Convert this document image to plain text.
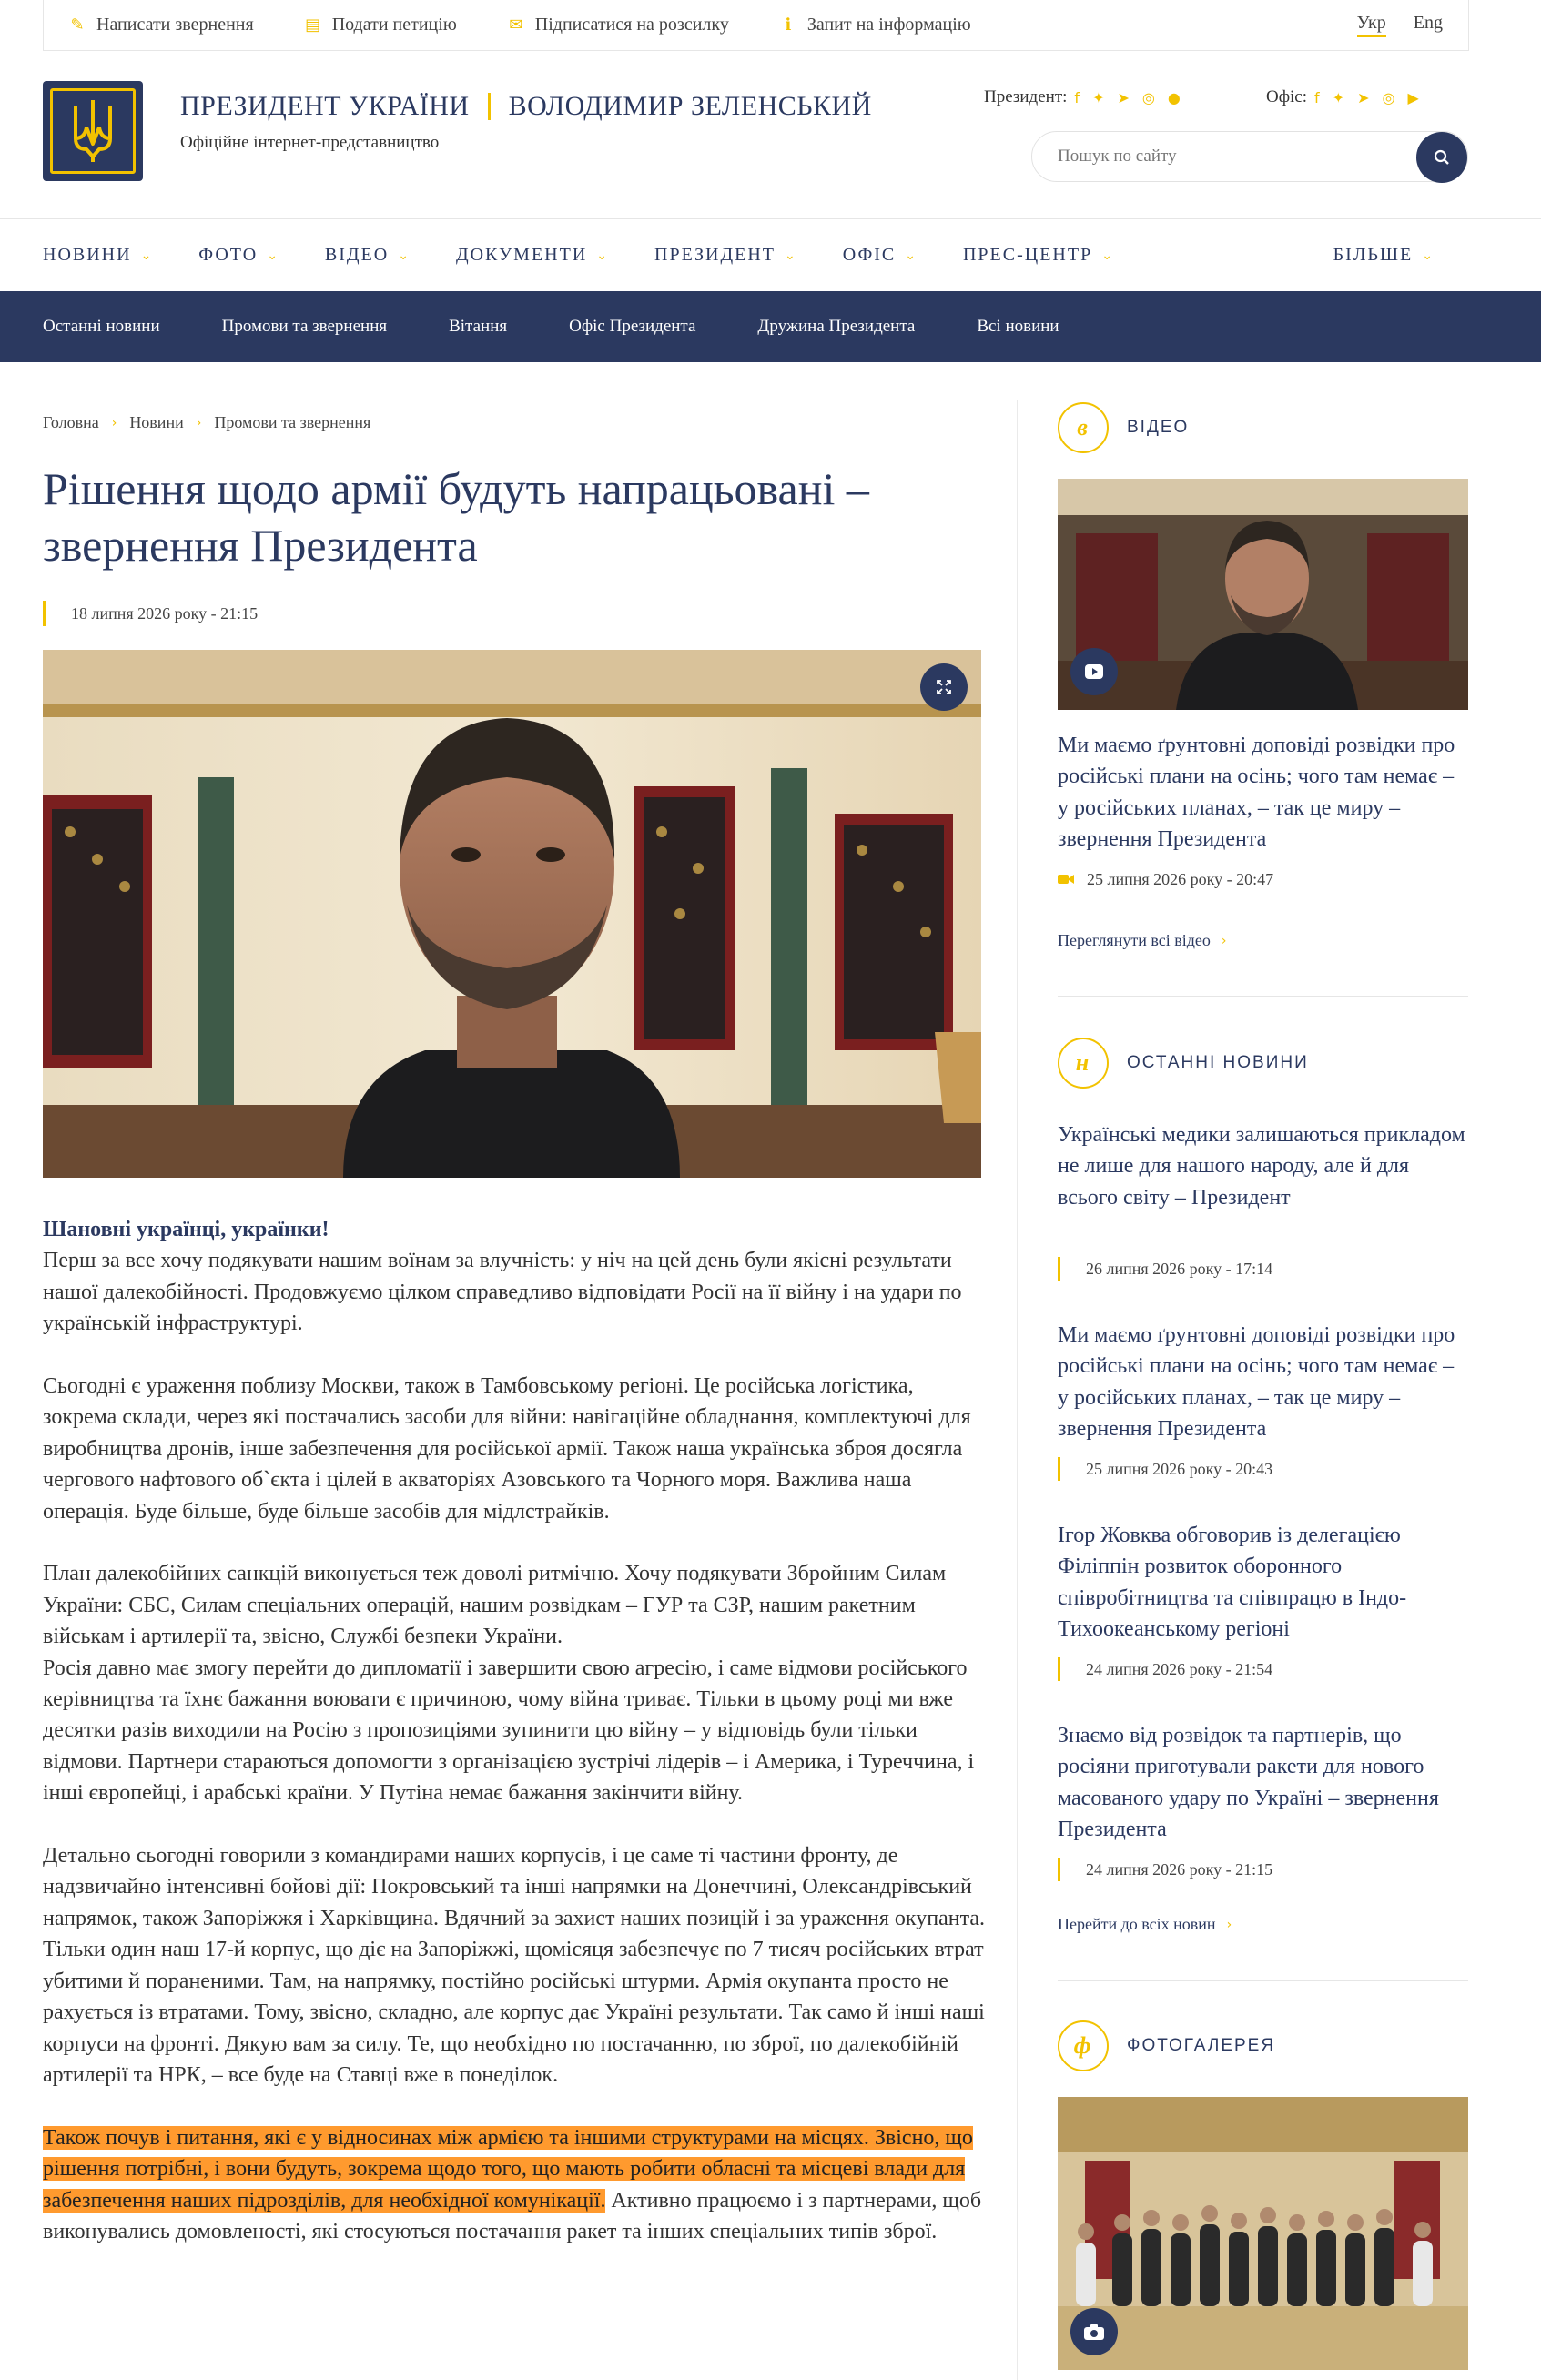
✎ Написати звернення	▤ Подати петицію	✉ Підписатися на розсилку	ℹ Запит на інформацію	Укр Eng
ПРЕЗИДЕНТ УКРАЇНИ ВОЛОДИМИР ЗЕЛЕНСЬКИЙ
Офіційне інтернет-представництво
Президент: f ✦ ➤ ◎ ●	Офіс: f ✦ ➤ ◎ ▶
Пошук по сайту
НОВИНИ ⌄	ФОТО ⌄	ВІДЕО ⌄	ДОКУМЕНТИ ⌄	ПРЕЗИДЕНТ ⌄	ОФІС ⌄	ПРЕС-ЦЕНТР ⌄	БІЛЬШЕ ⌄
Останні новини	Промови та звернення	Вітання	Офіс Президента	Дружина Президента	Всі новини
Головна › Новини › Промови та звернення
Рішення щодо армії будуть напрацьовані – звернення Президента
18 липня 2026 року - 21:15

Шановні українці, українки!

Перш за все хочу подякувати нашим воїнам за влучність: у ніч на цей день були якісні результати нашої далекобійності. Продовжуємо цілком справедливо відповідати Росії на її війну і на удари по українській інфраструктурі.

Сьогодні є ураження поблизу Москви, також в Тамбовському регіоні. Це російська логістика, зокрема склади, через які постачались засоби для війни: навігаційне обладнання, комплектуючі для виробництва дронів, інше забезпечення для російської армії. Також наша українська зброя досягла чергового нафтового об`єкта і цілей в акваторіях Азовського та Чорного моря. Важлива наша операція. Буде більше, буде більше засобів для мідлстрайків.

План далекобійних санкцій виконується теж доволі ритмічно. Хочу подякувати Збройним Силам України: СБС, Силам спеціальних операцій, нашим розвідкам – ГУР та СЗР, нашим ракетним військам і артилерії та, звісно, Службі безпеки України.

Росія давно має змогу перейти до дипломатії і завершити свою агресію, і саме відмови російського керівництва та їхнє бажання воювати є причиною, чому війна триває. Тільки в цьому році ми вже десятки разів виходили на Росію з пропозиціями зупинити цю війну – у відповідь були тільки відмови. Партнери стараються допомогти з організацією зустрічі лідерів – і Америка, і Туреччина, і інші європейці, і арабські країни. У Путіна немає бажання закінчити війну.

Детально сьогодні говорили з командирами наших корпусів, і це саме ті частини фронту, де надзвичайно інтенсивні бойові дії: Покровський та інші напрямки на Донеччині, Олександрівський напрямок, також Запоріжжя і Харківщина. Вдячний за захист наших позицій і за ураження окупанта. Тільки один наш 17-й корпус, що діє на Запоріжжі, щомісяця забезпечує по 7 тисяч російських втрат убитими й пораненими. Там, на напрямку, постійно російські штурми. Армія окупанта просто не рахується із втратами. Тому, звісно, складно, але корпус дає Україні результати. Так само й інші наші корпуси на фронті. Дякую вам за силу. Те, що необхідно по постачанню, по зброї, по далекобійній артилерії та НРК, – все буде на Ставці вже в понеділок.

Також почув і питання, які є у відносинах між армією та іншими структурами на місцях. Звісно, що рішення потрібні, і вони будуть, зокрема щодо того, що мають робити обласні та місцеві влади для забезпечення наших підрозділів, для необхідної комунікації. Активно працюємо і з партнерами, щоб виконувались домовленості, які стосуються постачання ракет та інших спеціальних типів зброї.

в	ВІДЕО
Ми маємо ґрунтовні доповіді розвідки про російські плани на осінь; чого там немає – у російських планах, – так це миру – звернення Президента
25 липня 2026 року - 20:47
Переглянути всі відео ›
н	ОСТАННІ НОВИНИ
Українські медики залишаються прикладом не лише для нашого народу, але й для всього світу – Президент
26 липня 2026 року - 17:14
Ми маємо ґрунтовні доповіді розвідки про російські плани на осінь; чого там немає – у російських планах, – так це миру – звернення Президента
25 липня 2026 року - 20:43
Ігор Жовква обговорив із делегацією Філіппін розвиток оборонного співробітництва та співпрацю в Індо-Тихоокеанському регіоні
24 липня 2026 року - 21:54
Знаємо від розвідок та партнерів, що росіяни приготували ракети для нового масованого удару по Україні – звернення Президента
24 липня 2026 року - 21:15
Перейти до всіх новин ›
ф	ФОТОГАЛЕРЕЯ
